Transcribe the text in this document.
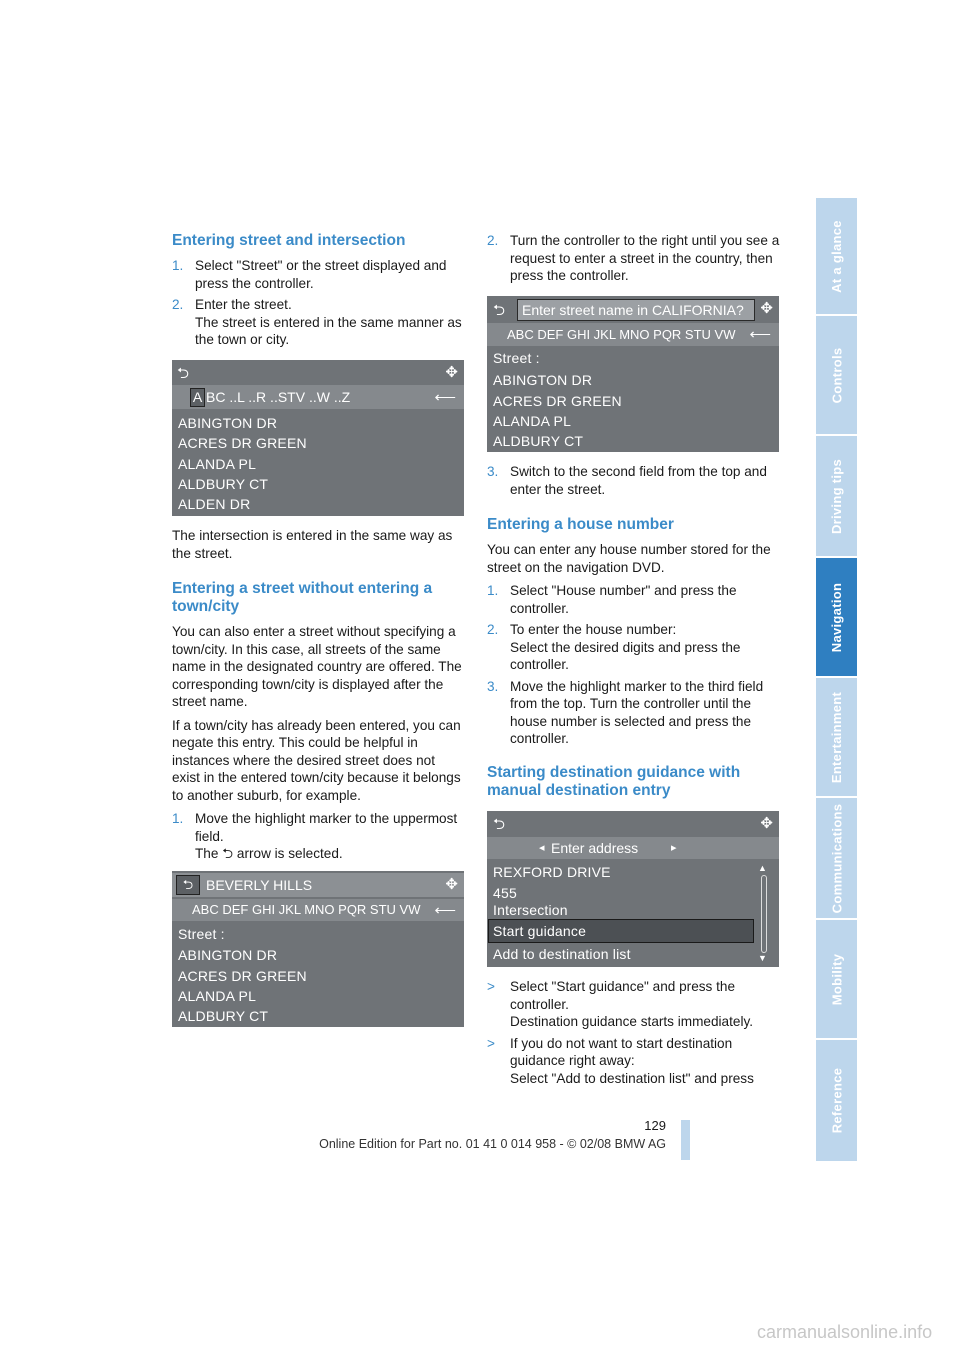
At a glance
Controls
Driving tips
Navigation
Entertainment
Communications
Mobility
Reference
Entering street and intersection
1. Select "Street" or the street displayed and press the controller.
2. Enter the street.
The street is entered in the same manner as the town or city.
⮌	✥
A BC ..L ..R ..STV ..W ..Z	⟵
ABINGTON DR
ACRES DR GREEN
ALANDA PL
ALDBURY CT
ALDEN DR
The intersection is entered in the same way as the street.
Entering a street without entering a town/city
You can also enter a street without specifying a town/city. In this case, all streets of the same name in the designated country are offered. The corresponding town/city is displayed after the street name.
If a town/city has already been entered, you can negate this entry. This could be helpful in instances where the desired street does not exist in the entered town/city because it belongs to another suburb, for example.
1. Move the highlight marker to the uppermost field.
The ⮌ arrow is selected.
⮌ BEVERLY HILLS	✥
ABC DEF GHI JKL MNO PQR STU VW ⟵
Street :
ABINGTON DR
ACRES DR GREEN
ALANDA PL
ALDBURY CT
2. Turn the controller to the right until you see a request to enter a street in the country, then press the controller.
⮌	Enter street name in CALIFORNIA?	✥
ABC DEF GHI JKL MNO PQR STU VW ⟵
Street :
ABINGTON DR
ACRES DR GREEN
ALANDA PL
ALDBURY CT
3. Switch to the second field from the top and enter the street.
Entering a house number
You can enter any house number stored for the street on the navigation DVD.
1. Select "House number" and press the controller.
2. To enter the house number:
Select the desired digits and press the controller.
3. Move the highlight marker to the third field from the top. Turn the controller until the house number is selected and press the controller.
Starting destination guidance with manual destination entry
⮌	✥
◂ Enter address	▸
REXFORD DRIVE
455
Intersection
Start guidance
Add to destination list
▲
▼
> Select "Start guidance" and press the controller.
Destination guidance starts immediately.
> If you do not want to start destination guidance right away:
Select "Add to destination list" and press
129
Online Edition for Part no. 01 41 0 014 958 - © 02/08 BMW AG
carmanualsonline.info
